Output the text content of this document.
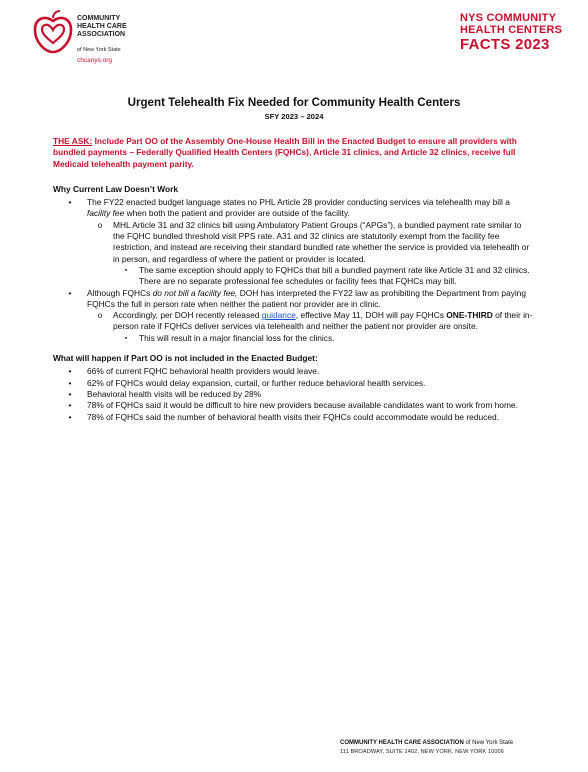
COMMUNITY
HEALTH CARE
ASSOCIATION
of New York State
chcanys.org
NYS COMMUNITY
HEALTH CENTERS
FACTS 2023
Urgent Telehealth Fix Needed for Community Health Centers
SFY 2023 – 2024

THE ASK: Include Part OO of the Assembly One-House Health Bill in the Enacted Budget to ensure all providers with bundled payments – Federally Qualified Health Centers (FQHCs), Article 31 clinics, and Article 32 clinics, receive full Medicaid telehealth payment parity.

Why Current Law Doesn’t Work
•	The FY22 enacted budget language states no PHL Article 28 provider conducting services via telehealth may bill a facility fee when both the patient and provider are outside of the facility.
o	MHL Article 31 and 32 clinics bill using Ambulatory Patient Groups (“APGs”), a bundled payment rate similar to the FQHC bundled threshold visit PPS rate. A31 and 32 clinics are statutorily exempt from the facility fee restriction, and instead are receiving their standard bundled rate whether the service is provided via telehealth or in person, and regardless of where the patient or provider is located.
▪	The same exception should apply to FQHCs that bill a bundled payment rate like Article 31 and 32 clinics. There are no separate professional fee schedules or facility fees that FQHCs may bill.
•	Although FQHCs do not bill a facility fee, DOH has interpreted the FY22 law as prohibiting the Department from paying FQHCs the full in person rate when neither the patient nor provider are in clinic.
o	Accordingly, per DOH recently released guidance, effective May 11, DOH will pay FQHCs ONE-THIRD of their in-person rate if FQHCs deliver services via telehealth and neither the patient nor provider are onsite.
▪	This will result in a major financial loss for the clinics.
What will happen if Part OO is not included in the Enacted Budget:
•	66% of current FQHC behavioral health providers would leave.
•	62% of FQHCs would delay expansion, curtail, or further reduce behavioral health services.
•	Behavioral health visits will be reduced by 28%
•	78% of FQHCs said it would be difficult to hire new providers because available candidates want to work from home.
•	78% of FQHCs said the number of behavioral health visits their FQHCs could accommodate would be reduced.
COMMUNITY HEALTH CARE ASSOCIATION of New York State
111 BROADWAY, SUITE 1402, NEW YORK, NEW YORK 10006
